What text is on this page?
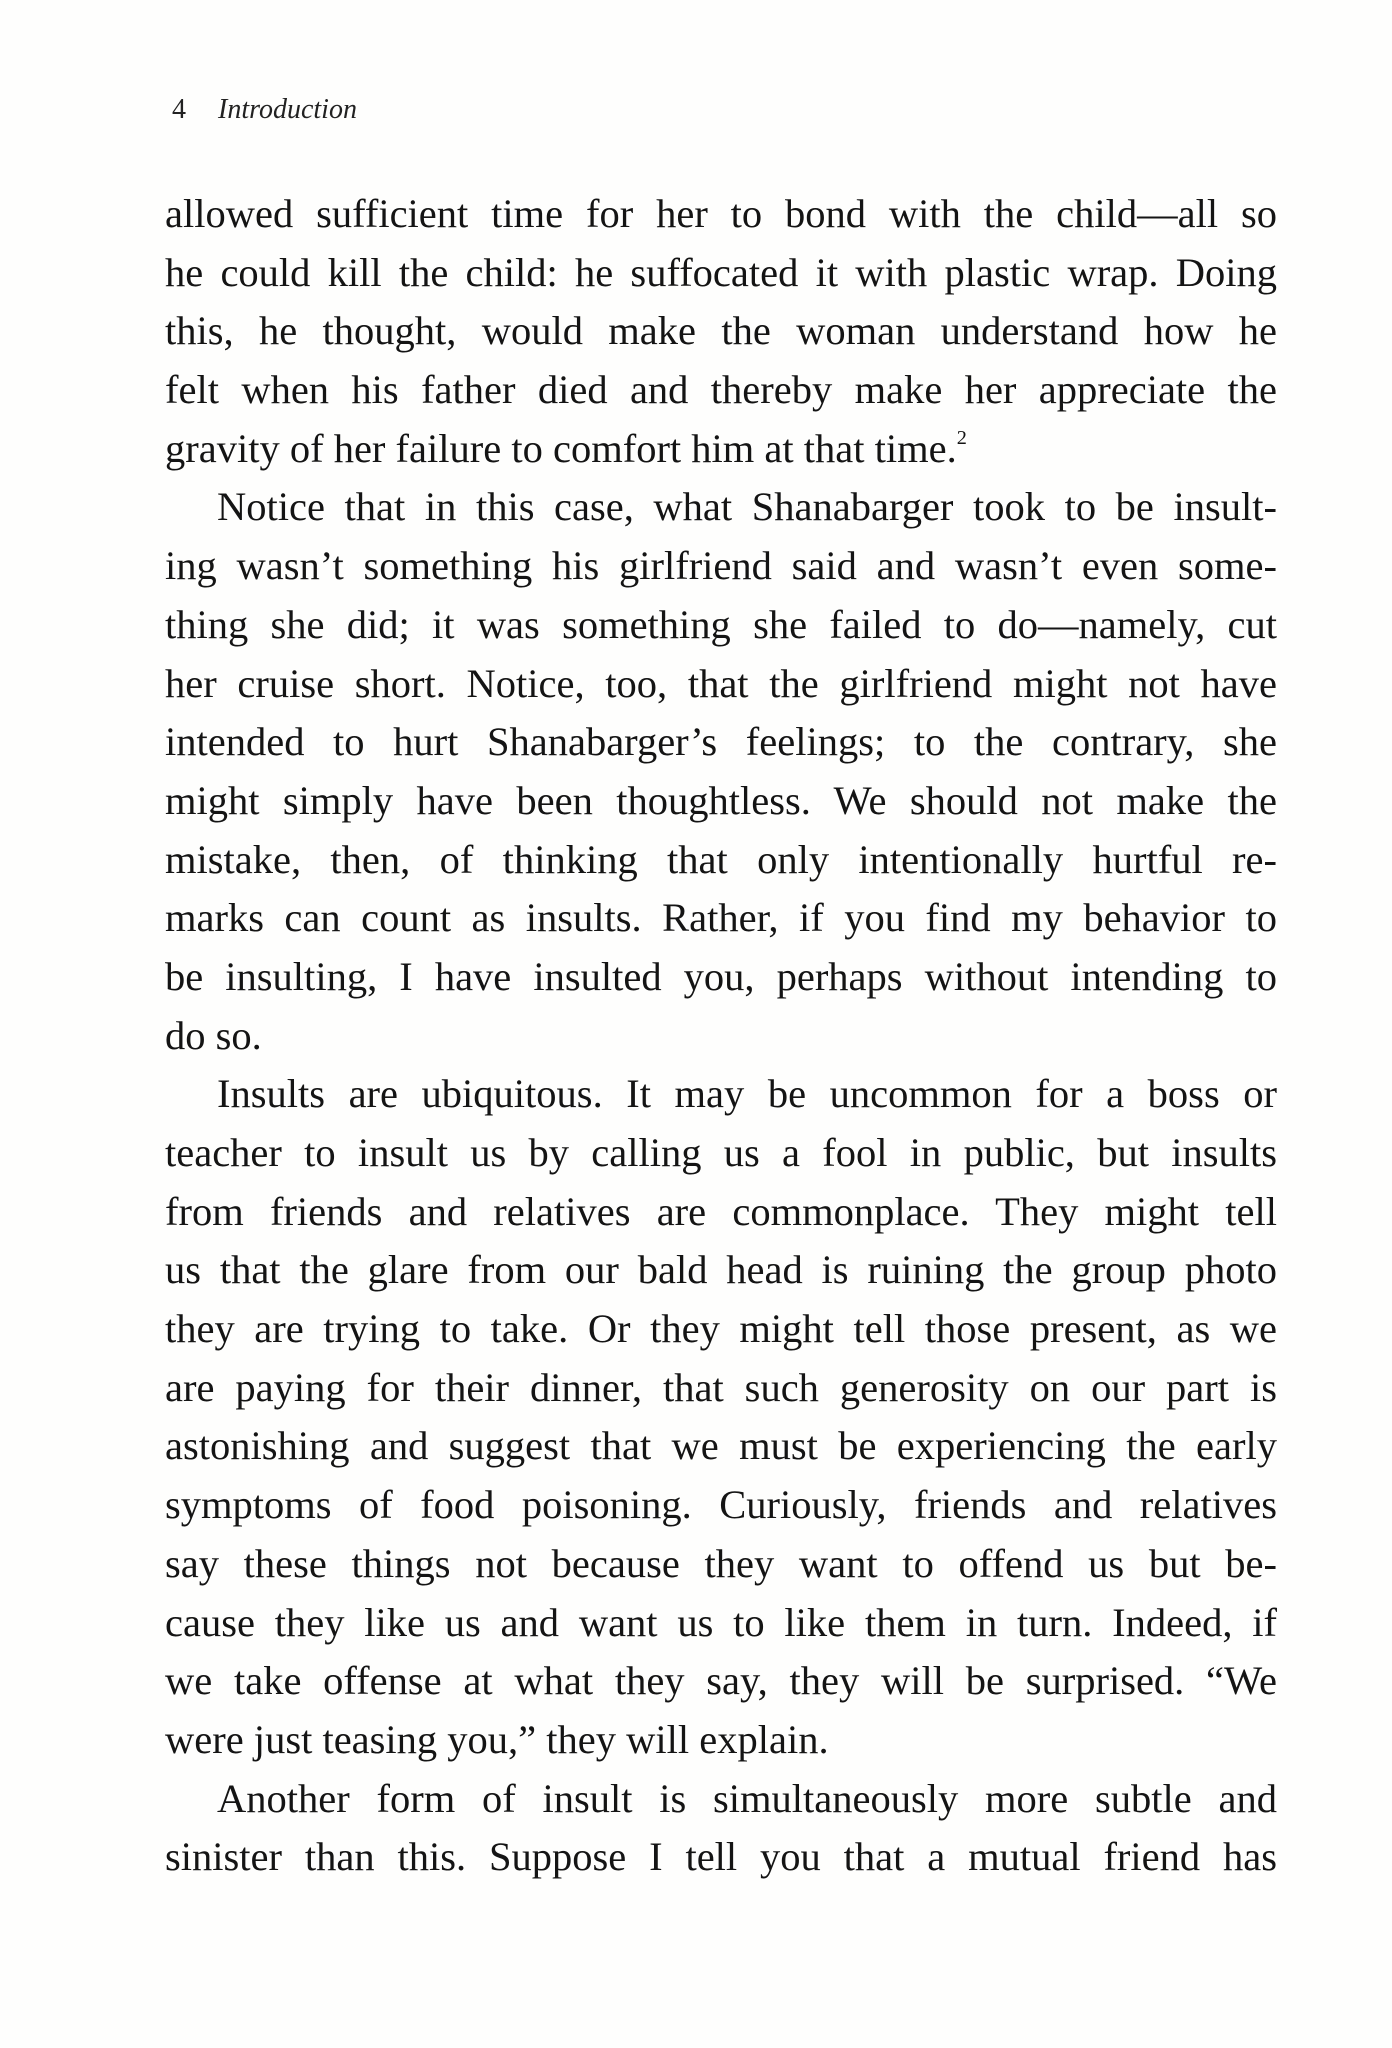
4 Introduction
allowed sufficient time for her to bond with the child—all so
he could kill the child: he suffocated it with plastic wrap. Doing
this, he thought, would make the woman understand how he
felt when his father died and thereby make her appreciate the
gravity of her failure to comfort him at that time.$^2$
Notice that in this case, what Shanabarger took to be insult-
ing wasn’t something his girlfriend said and wasn’t even some-
thing she did; it was something she failed to do—namely, cut
her cruise short. Notice, too, that the girlfriend might not have
intended to hurt Shanabarger’s feelings; to the contrary, she
might simply have been thoughtless. We should not make the
mistake, then, of thinking that only intentionally hurtful re-
marks can count as insults. Rather, if you find my behavior to
be insulting, I have insulted you, perhaps without intending to
do so.
Insults are ubiquitous. It may be uncommon for a boss or
teacher to insult us by calling us a fool in public, but insults
from friends and relatives are commonplace. They might tell
us that the glare from our bald head is ruining the group photo
they are trying to take. Or they might tell those present, as we
are paying for their dinner, that such generosity on our part is
astonishing and suggest that we must be experiencing the early
symptoms of food poisoning. Curiously, friends and relatives
say these things not because they want to offend us but be-
cause they like us and want us to like them in turn. Indeed, if
we take offense at what they say, they will be surprised. “We
were just teasing you,” they will explain.
Another form of insult is simultaneously more subtle and
sinister than this. Suppose I tell you that a mutual friend has
